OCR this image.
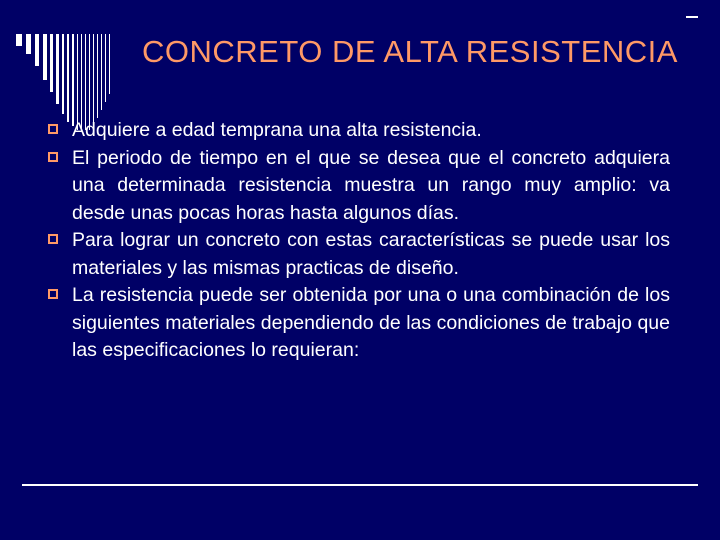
CONCRETO DE ALTA RESISTENCIA
Adquiere a edad temprana una alta resistencia.
El periodo de tiempo en el que se desea que el concreto adquiera una determinada resistencia muestra un rango muy amplio: va desde unas pocas horas hasta algunos días.
Para lograr un concreto con estas características se puede usar los materiales y las mismas practicas de diseño.
La resistencia puede ser obtenida por una o una combinación de los siguientes materiales dependiendo de las condiciones de trabajo que las especificaciones lo requieran:
